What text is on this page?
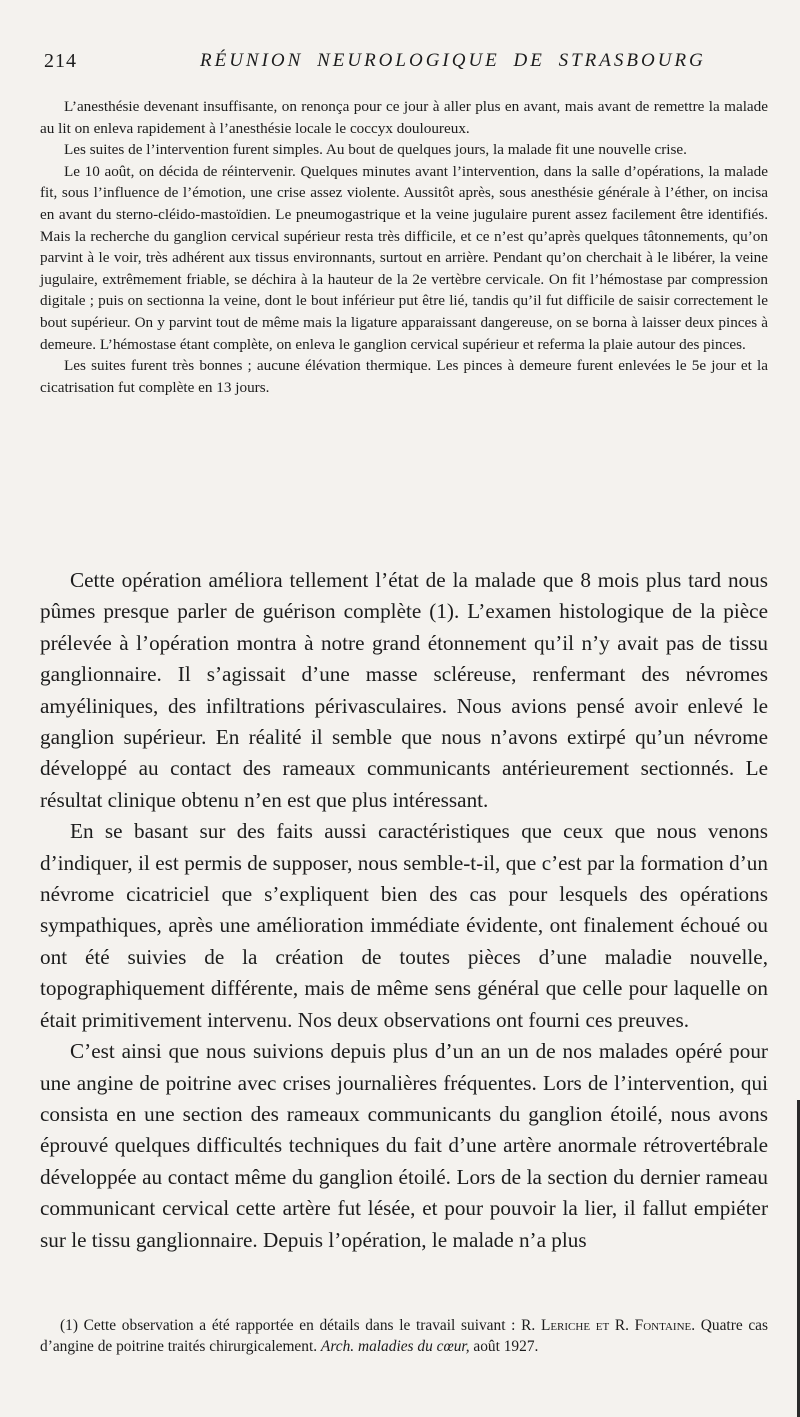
214	RÉUNION NEUROLOGIQUE DE STRASBOURG

L’anesthésie devenant insuffisante, on renonça pour ce jour à aller plus en avant, mais avant de remettre la malade au lit on enleva rapidement à l’anesthésie locale le coccyx douloureux.

Les suites de l’intervention furent simples. Au bout de quelques jours, la malade fit une nouvelle crise.

Le 10 août, on décida de réintervenir. Quelques minutes avant l’intervention, dans la salle d’opérations, la malade fit, sous l’influence de l’émotion, une crise assez violente. Aussitôt après, sous anesthésie générale à l’éther, on incisa en avant du sterno-cléido-mastoïdien. Le pneumogastrique et la veine jugulaire purent assez facilement être identifiés. Mais la recherche du ganglion cervical supérieur resta très difficile, et ce n’est qu’après quelques tâtonnements, qu’on parvint à le voir, très adhérent aux tissus environnants, surtout en arrière. Pendant qu’on cherchait à le libérer, la veine jugulaire, extrêmement friable, se déchira à la hauteur de la 2e vertèbre cervicale. On fit l’hémostase par compression digitale ; puis on sectionna la veine, dont le bout inférieur put être lié, tandis qu’il fut difficile de saisir correctement le bout supérieur. On y parvint tout de même mais la ligature apparaissant dangereuse, on se borna à laisser deux pinces à demeure. L’hémostase étant complète, on enleva le ganglion cervical supérieur et referma la plaie autour des pinces.

Les suites furent très bonnes ; aucune élévation thermique. Les pinces à demeure furent enlevées le 5e jour et la cicatrisation fut complète en 13 jours.

Cette opération améliora tellement l’état de la malade que 8 mois plus tard nous pûmes presque parler de guérison complète (1). L’examen histologique de la pièce prélevée à l’opération montra à notre grand étonnement qu’il n’y avait pas de tissu ganglionnaire. Il s’agissait d’une masse scléreuse, renfermant des névromes amyéliniques, des infiltrations périvasculaires. Nous avions pensé avoir enlevé le ganglion supérieur. En réalité il semble que nous n’avons extirpé qu’un névrome développé au contact des rameaux communicants antérieurement sectionnés. Le résultat clinique obtenu n’en est que plus intéressant.

En se basant sur des faits aussi caractéristiques que ceux que nous venons d’indiquer, il est permis de supposer, nous semble-t-il, que c’est par la formation d’un névrome cicatriciel que s’expliquent bien des cas pour lesquels des opérations sympathiques, après une amélioration immédiate évidente, ont finalement échoué ou ont été suivies de la création de toutes pièces d’une maladie nouvelle, topographiquement différente, mais de même sens général que celle pour laquelle on était primitivement intervenu. Nos deux observations ont fourni ces preuves.

C’est ainsi que nous suivions depuis plus d’un an un de nos malades opéré pour une angine de poitrine avec crises journalières fréquentes. Lors de l’intervention, qui consista en une section des rameaux communicants du ganglion étoilé, nous avons éprouvé quelques difficultés techniques du fait d’une artère anormale rétrovertébrale développée au contact même du ganglion étoilé. Lors de la section du dernier rameau communicant cervical cette artère fut lésée, et pour pouvoir la lier, il fallut empiéter sur le tissu ganglionnaire. Depuis l’opération, le malade n’a plus

(1) Cette observation a été rapportée en détails dans le travail suivant : R. Leriche et R. Fontaine. Quatre cas d’angine de poitrine traités chirurgicalement. Arch. maladies du cœur, août 1927.
